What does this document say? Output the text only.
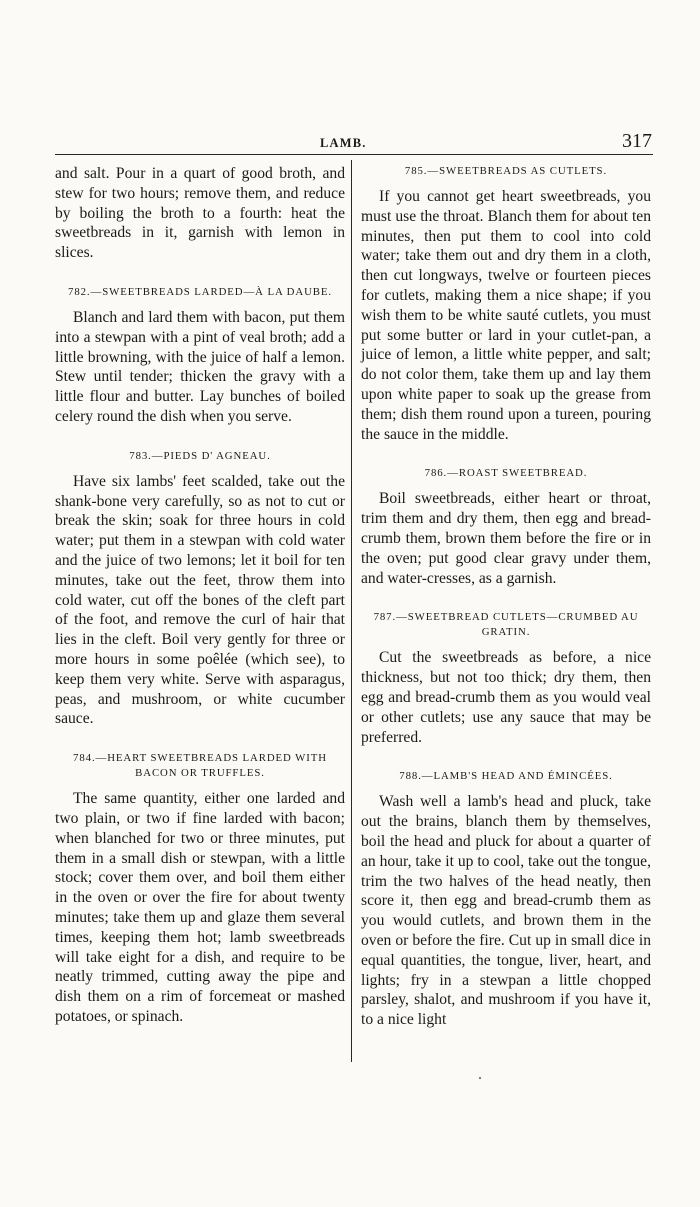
LAMB.	317

and salt. Pour in a quart of good broth, and stew for two hours; remove them, and reduce by boiling the broth to a fourth: heat the sweetbreads in it, garnish with lemon in slices.

782.—SWEETBREADS LARDED—À LA DAUBE.

Blanch and lard them with bacon, put them into a stewpan with a pint of veal broth; add a little browning, with the juice of half a lemon. Stew until tender; thicken the gravy with a little flour and butter. Lay bunches of boiled celery round the dish when you serve.

783.—PIEDS D' AGNEAU.

Have six lambs' feet scalded, take out the shank-bone very carefully, so as not to cut or break the skin; soak for three hours in cold water; put them in a stewpan with cold water and the juice of two lemons; let it boil for ten minutes, take out the feet, throw them into cold water, cut off the bones of the cleft part of the foot, and remove the curl of hair that lies in the cleft. Boil very gently for three or more hours in some poêlée (which see), to keep them very white. Serve with asparagus, peas, and mushroom, or white cucumber sauce.

784.—HEART SWEETBREADS LARDED WITH BACON OR TRUFFLES.

The same quantity, either one larded and two plain, or two if fine larded with bacon; when blanched for two or three minutes, put them in a small dish or stewpan, with a little stock; cover them over, and boil them either in the oven or over the fire for about twenty minutes; take them up and glaze them several times, keeping them hot; lamb sweetbreads will take eight for a dish, and require to be neatly trimmed, cutting away the pipe and dish them on a rim of forcemeat or mashed potatoes, or spinach.

785.—SWEETBREADS AS CUTLETS.

If you cannot get heart sweetbreads, you must use the throat. Blanch them for about ten minutes, then put them to cool into cold water; take them out and dry them in a cloth, then cut longways, twelve or fourteen pieces for cutlets, making them a nice shape; if you wish them to be white sauté cutlets, you must put some butter or lard in your cutlet-pan, a juice of lemon, a little white pepper, and salt; do not color them, take them up and lay them upon white paper to soak up the grease from them; dish them round upon a tureen, pouring the sauce in the middle.

786.—ROAST SWEETBREAD.

Boil sweetbreads, either heart or throat, trim them and dry them, then egg and bread-crumb them, brown them before the fire or in the oven; put good clear gravy under them, and water-cresses, as a garnish.

787.—SWEETBREAD CUTLETS—CRUMBED AU GRATIN.

Cut the sweetbreads as before, a nice thickness, but not too thick; dry them, then egg and bread-crumb them as you would veal or other cutlets; use any sauce that may be preferred.

788.—LAMB'S HEAD AND ÉMINCÉES.

Wash well a lamb's head and pluck, take out the brains, blanch them by themselves, boil the head and pluck for about a quarter of an hour, take it up to cool, take out the tongue, trim the two halves of the head neatly, then score it, then egg and bread-crumb them as you would cutlets, and brown them in the oven or before the fire. Cut up in small dice in equal quantities, the tongue, liver, heart, and lights; fry in a stewpan a little chopped parsley, shalot, and mushroom if you have it, to a nice light
